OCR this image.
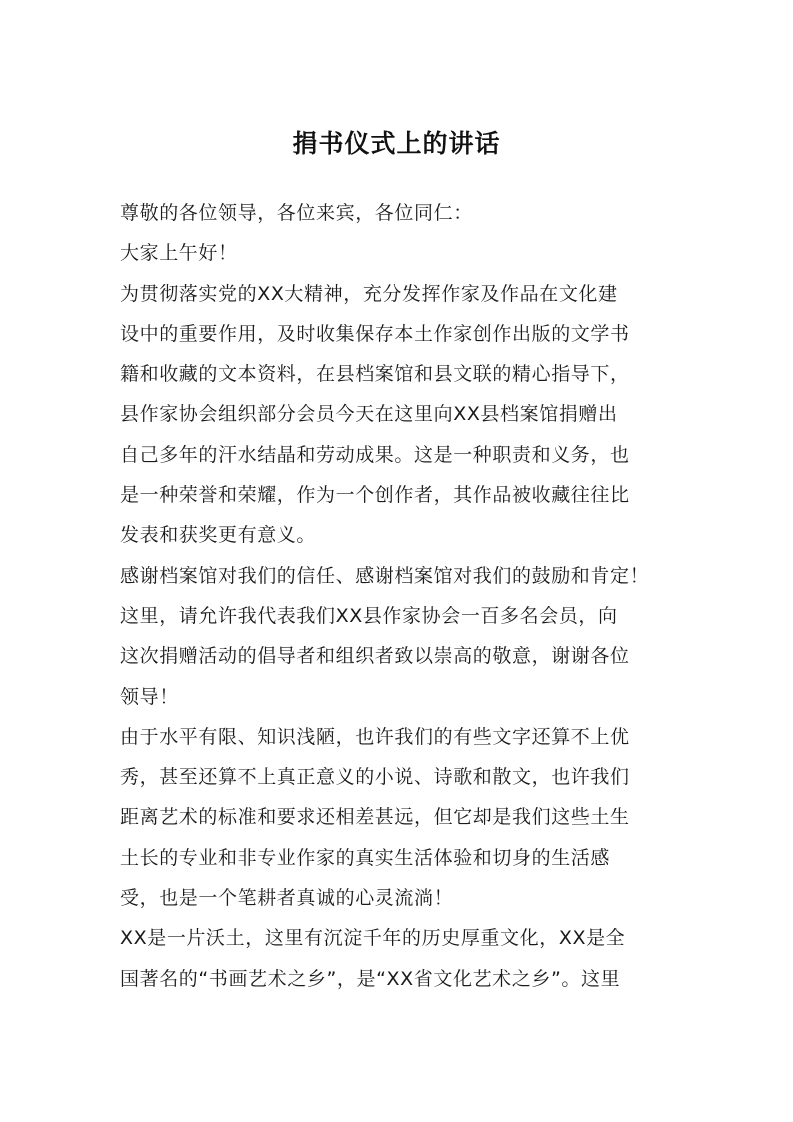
捐书仪式上的讲话
尊敬的各位领导，各位来宾，各位同仁：
大家上午好！
为贯彻落实党的XX大精神，充分发挥作家及作品在文化建
设中的重要作用，及时收集保存本土作家创作出版的文学书
籍和收藏的文本资料，在县档案馆和县文联的精心指导下，
县作家协会组织部分会员今天在这里向XX县档案馆捐赠出
自己多年的汗水结晶和劳动成果。这是一种职责和义务，也
是一种荣誉和荣耀，作为一个创作者，其作品被收藏往往比
发表和获奖更有意义。
感谢档案馆对我们的信任、感谢档案馆对我们的鼓励和肯定！
这里，请允许我代表我们XX县作家协会一百多名会员，向
这次捐赠活动的倡导者和组织者致以崇高的敬意，谢谢各位
领导！
由于水平有限、知识浅陋，也许我们的有些文字还算不上优
秀，甚至还算不上真正意义的小说、诗歌和散文，也许我们
距离艺术的标准和要求还相差甚远，但它却是我们这些土生
土长的专业和非专业作家的真实生活体验和切身的生活感
受，也是一个笔耕者真诚的心灵流淌！
XX是一片沃土，这里有沉淀千年的历史厚重文化，XX是全
国著名的“书画艺术之乡”，是“XX省文化艺术之乡”。这里
